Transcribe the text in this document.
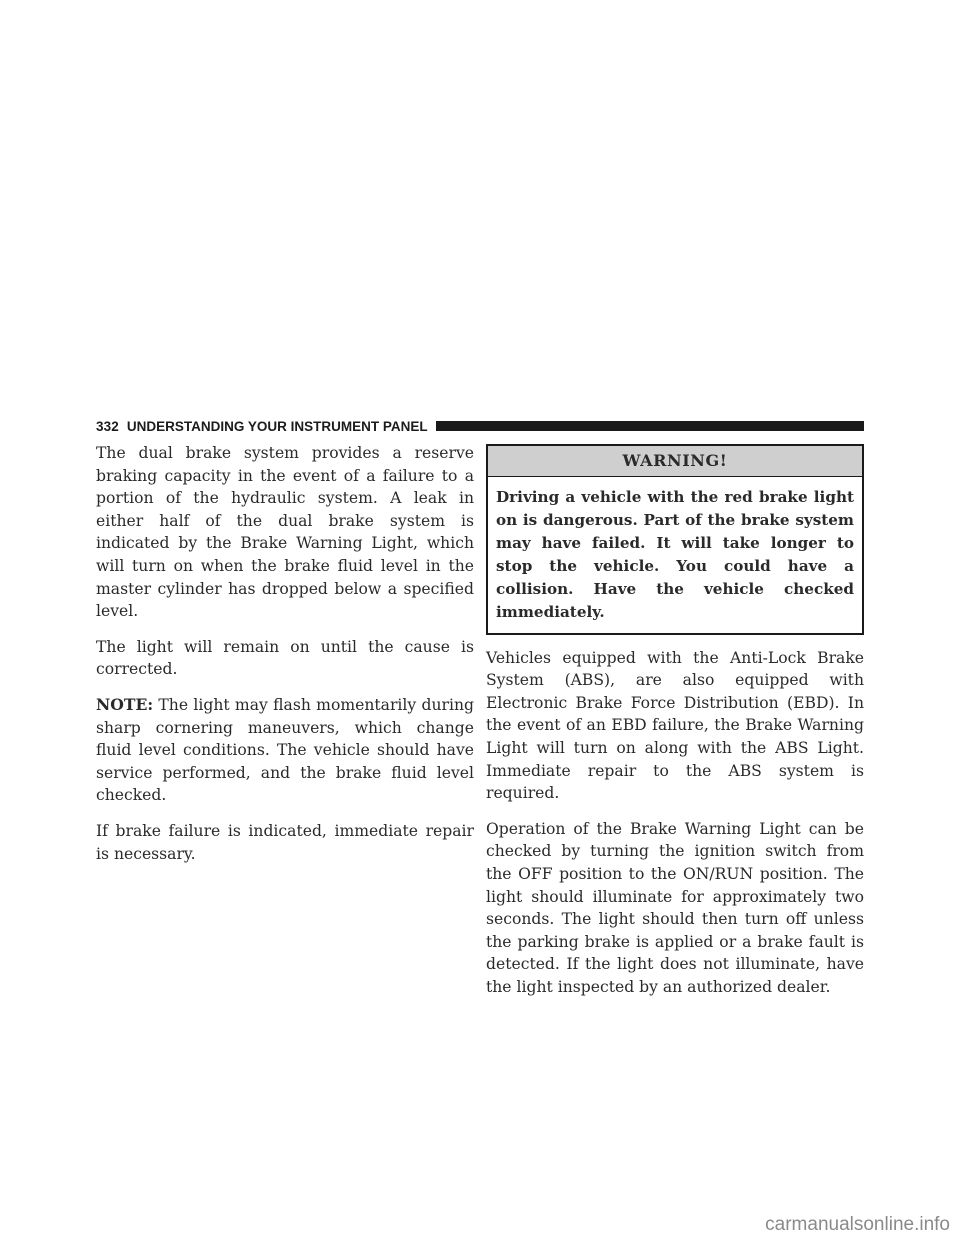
332 UNDERSTANDING YOUR INSTRUMENT PANEL

The dual brake system provides a reserve braking capacity in the event of a failure to a portion of the hydraulic system. A leak in either half of the dual brake system is indicated by the Brake Warning Light, which will turn on when the brake fluid level in the master cylinder has dropped below a specified level.

The light will remain on until the cause is corrected.

NOTE: The light may flash momentarily during sharp cornering maneuvers, which change fluid level conditions. The vehicle should have service performed, and the brake fluid level checked.

If brake failure is indicated, immediate repair is necessary.

WARNING!
Driving a vehicle with the red brake light on is dangerous. Part of the brake system may have failed. It will take longer to stop the vehicle. You could have a collision. Have the vehicle checked immediately.

Vehicles equipped with the Anti-Lock Brake System (ABS), are also equipped with Electronic Brake Force Distribution (EBD). In the event of an EBD failure, the Brake Warning Light will turn on along with the ABS Light. Immediate repair to the ABS system is required.

Operation of the Brake Warning Light can be checked by turning the ignition switch from the OFF position to the ON/RUN position. The light should illuminate for approximately two seconds. The light should then turn off unless the parking brake is applied or a brake fault is detected. If the light does not illuminate, have the light inspected by an authorized dealer.

carmanualsonline.info
